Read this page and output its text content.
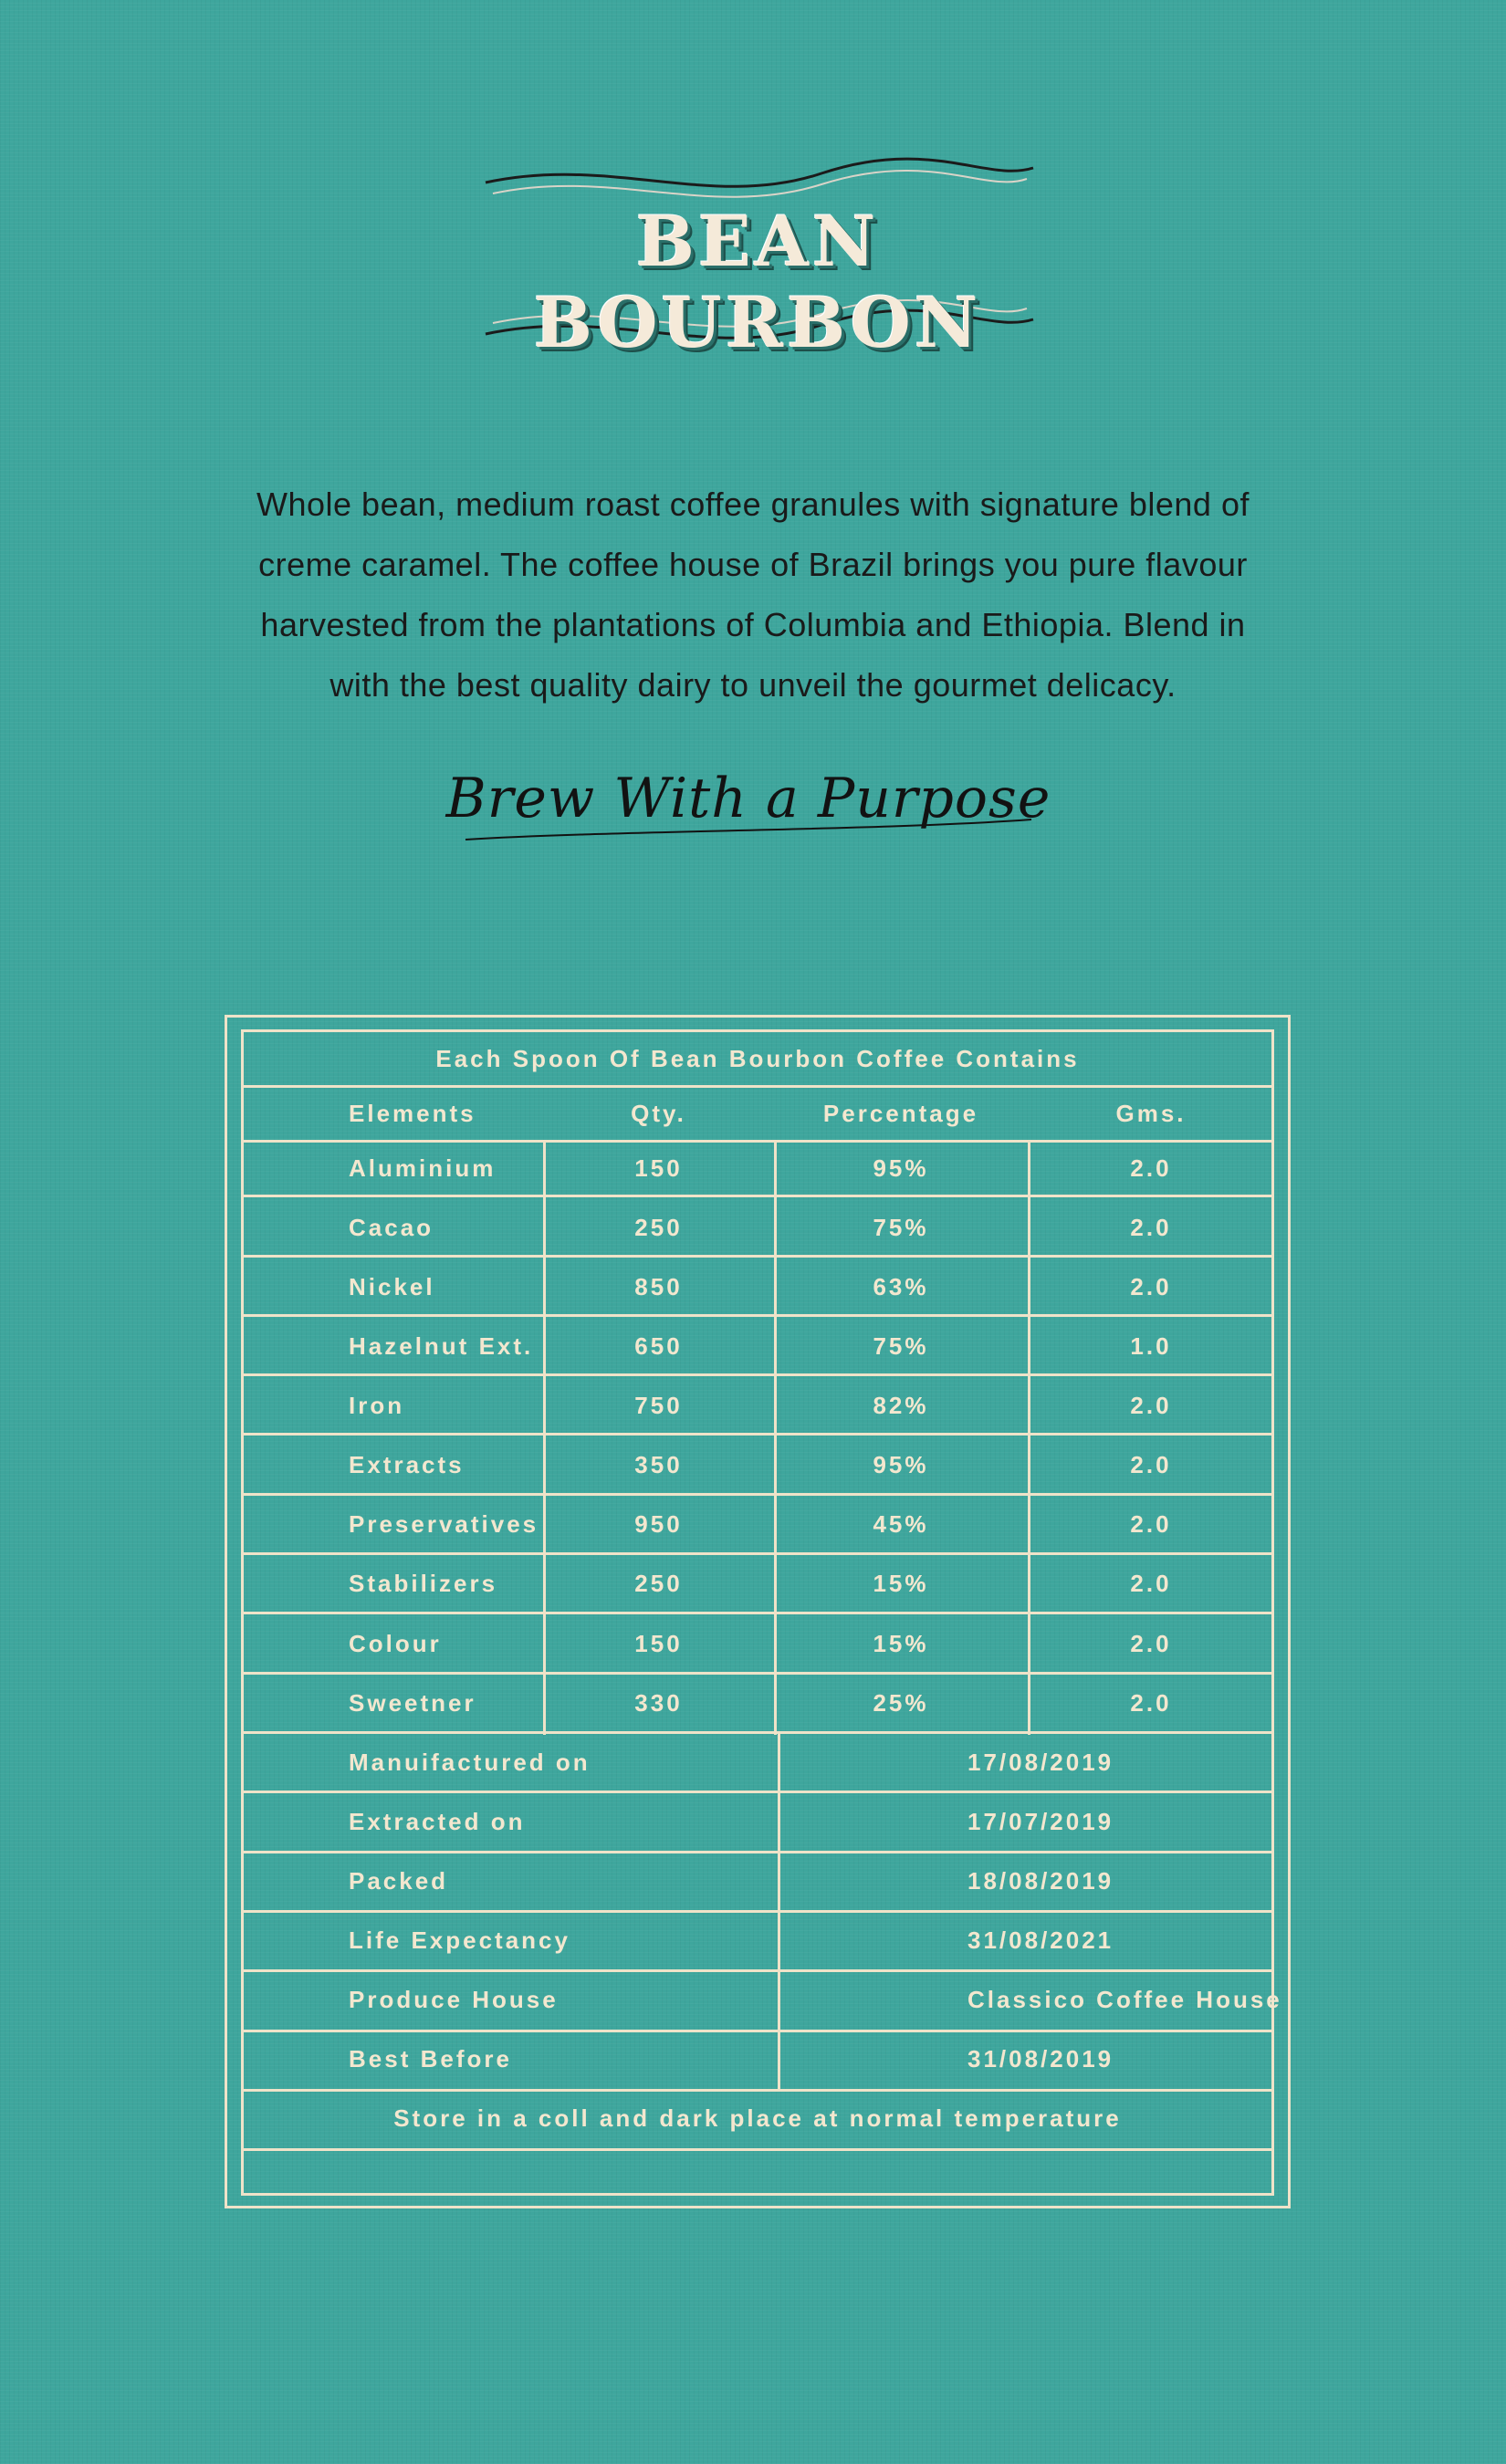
BEAN BOURBON
Whole bean, medium roast coffee granules with signature blend of creme caramel. The coffee house of Brazil brings you pure flavour harvested from the plantations of Columbia and Ethiopia. Blend in with the best quality dairy to unveil the gourmet delicacy.
Brew With a Purpose
Each Spoon Of Bean Bourbon Coffee Contains
Elements	Qty.	Percentage	Gms.
Aluminium	150	95%	2.0
Cacao	250	75%	2.0
Nickel	850	63%	2.0
Hazelnut Ext.	650	75%	1.0
Iron	750	82%	2.0
Extracts	350	95%	2.0
Preservatives	950	45%	2.0
Stabilizers	250	15%	2.0
Colour	150	15%	2.0
Sweetner	330	25%	2.0
Manuifactured on	17/08/2019
Extracted on	17/07/2019
Packed	18/08/2019
Life Expectancy	31/08/2021
Produce House	Classico Coffee House
Best Before	31/08/2019
Store in a coll and dark place at normal temperature
